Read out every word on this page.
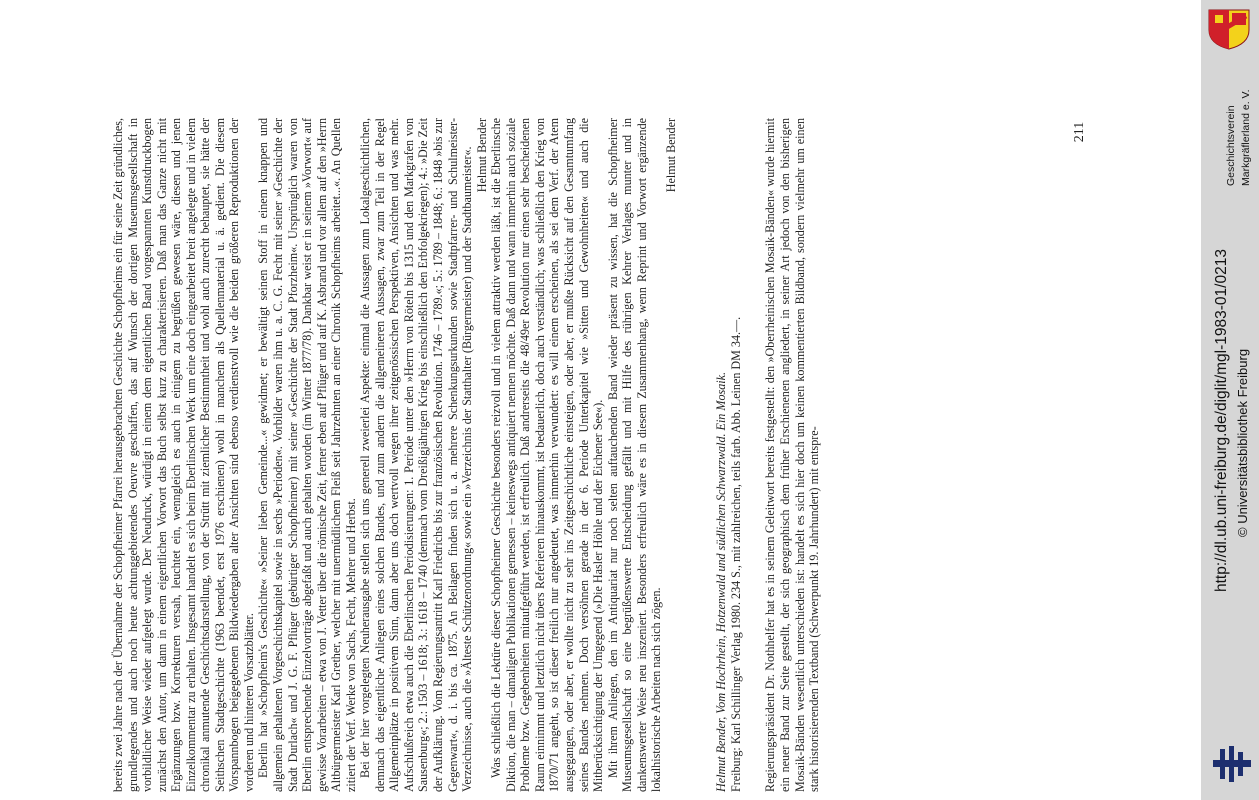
bereits zwei Jahre nach der Übernahme der Schopfheimer Pfarrei herausgebrachten Geschichte Schopfheims ein für seine Zeit gründliches, grundlegendes und auch noch heute achtunggebietendes Oeuvre geschaffen, das auf Wunsch der dortigen Museumsgesellschaft in vorbildlicher Weise wieder aufgelegt wurde. Der Neudruck, würdigt in einem dem eigentlichen Band vorgespannten Kunstdruckbogen zunächst den Autor, um dann in einem eigentlichen Vorwort das Buch selbst kurz zu charakterisieren. Daß man das Ganze nicht mit Ergänzungen bzw. Korrekturen versah, leuchtet ein, wenngleich es auch in einigem zu begrüßen gewesen wäre, diesen und jenen Einzelkommentar zu erhalten. Insgesamt handelt es sich beim Eberlinschen Werk um eine doch eingearbeitet breit angelegte und in vielem chronikal anmutende Geschichtsdarstellung, von der Strütt mit ziemlicher Bestimmtheit und wohl auch zurecht behauptet, sie hätte der Seithschen Stadtgeschichte (1963 beendet, erst 1976 erschienen) wohl in manchem als Quellenmaterial u. ä. gedient. Die diesem Vorspannbogen beigegebenen Bildwiedergaben alter Ansichten sind ebenso verdienstvoll wie die beiden größeren Reproduktionen der vorderen und hinteren Vorsatzblätter. Eberlin hat »Schopfheim's Geschichte« »Seiner lieben Gemeinde...« gewidmet; er bewältigt seinen Stoff in einem knappen und allgemein gehaltenen Vorgeschichtskapitel sowie in sechs »Perioden«. Vorbilder waren ihm u. a. C. G. Fecht mit seiner »Geschichte der Stadt Durlach« und J. G. F. Pflüger (gebürtiger Schopfheimer) mit seiner »Geschichte der Stadt Pforzheim«. Ursprünglich waren von Eberlin entsprechende Einzelvorträge abgefaßt und auch gehalten worden (im Winter 1877/78). Dankbar weist er in seinem »Vorwort« auf gewisse Vorarbeiten – etwa von J. Vetter über die römische Zeit, ferner eben auf Pflüger und auf K. Asbrand und vor allem auf den »Herrn Altbürgermeister Karl Grether, welcher mit unermüdlichem Fleiß seit Jahrzehnten an einer Chronik Schopfheims arbeitet...«. An Quellen zitiert der Verf. Werke von Sachs, Fecht, Mehrer und Herbst. Bei der hier vorgelegten Neuherausgabe stellen sich uns generell zweierlei Aspekte: einmal die Aussagen zum Lokalgeschichtlichen, demnach das eigentliche Anliegen eines solchen Bandes, und zum andern die allgemeineren Aussagen, zwar zum Teil in der Regel Allgemeinplätze in positivem Sinn, dann aber uns doch wertvoll wegen ihrer zeitgenössischen Perspektiven, Ansichten und was mehr. Aufschlußreich etwa auch die Eberlinschen Periodisierungen: 1. Periode unter den »Herrn von Röteln bis 1315 und den Markgrafen von Sausenburg«; 2.: 1503 – 1618; 3.: 1618 – 1740 (demnach vom Dreißigjährigen Krieg bis einschließlich den Erbfolgekriegen); 4.: »Die Zeit der Aufklärung. Vom Regierungsantritt Karl Friedrichs bis zur französischen Revolution. 1746 – 1789.«; 5.: 1789 – 1848; 6.: 1848 »bis zur Gegenwart«, d. i. bis ca. 1875. An Beilagen finden sich u. a. mehrere Schenkungsurkunden sowie Stadtpfarrer- und Schulmeister-Verzeichnisse, auch die »Älteste Schützenordnung« sowie ein »Verzeichnis der Statthalter (Bürgermeister) und der Stadtbaumeister«. Helmut Bender Was schließlich die Lektüre dieser Schopfheimer Geschichte besonders reizvoll und in vielem attraktiv werden läßt, ist die Eberlinsche Diktion, die man – damaligen Publikationen gemessen – keineswegs antiquiert nennen möchte. Daß dann und wann immerhin auch soziale Probleme bzw. Gegebenheiten mitaufgeführt werden, ist erfreulich. Daß andrerseits die 48/49er Revolution nur einen sehr bescheidenen Raum einnimmt und letztlich nicht übers Referieren hinauskommt, ist bedauerlich, doch auch verständlich; was schließlich den Krieg von 1870/71 angeht, so ist dieser freilich nur angedeutet, was immerhin verwundert: es will einem erscheinen, als sei dem Verf. der Atem ausgegangen, oder aber, er wollte nicht zu sehr ins Zeitgeschichtliche einsteigen, oder aber, er mußte Rücksicht auf den Gesamtumfang seines Bandes nehmen. Doch versöhnen gerade in der 6. Periode Unterkapitel wie »Sitten und Gewohnheiten« und auch die Mitberücksichtigung der Umgegend (»Die Hasler Höhle und der Eichener See«). Mit ihrem Anliegen, den im Antiquariat nur noch selten auftauchenden Band wieder präsent zu wissen, hat die Schopfheimer Museumsgesellschaft so eine begrüßenswerte Entscheidung gefällt und mit Hilfe des rührigen Kehrer Verlages munter und in dankenswerter Weise neu inszeniert. Besonders erfreulich wäre es in diesem Zusammenhang, wenn Reprint und Vorwort ergänzende lokalhistorische Arbeiten nach sich zögen.

Helmut Bender

Helmut Bender, Vom Hochrhein, Hotzenwald und südlichen Schwarzwald. Ein Mosaik. Freiburg: Karl Schillinger Verlag 1980. 234 S., mit zahlreichen, teils farb. Abb. Leinen DM 34.—. Regierungspräsident Dr. Nothhelfer hat es in seinem Geleitwort bereits festgestellt: den »Oberrheinischen Mosaik-Bänden« wurde hiermit ein neuer Band zur Seite gestellt, der sich geographisch dem früher Erschienenen angliedert, in seiner Art jedoch von den bisherigen Mosaik-Bänden wesentlich unterschieden ist: handelt es sich hier doch um keinen kommentierten Bildband, sondern vielmehr um einen stark historisierenden Textband (Schwerpunkt 19. Jahrhundert) mit entspre-

211	Geschichtsverein Markgräflerland e. V.
http://dl.ub.uni-freiburg.de/diglit/mgl-1983-01/0213 © Universitätsbibliothek Freiburg
